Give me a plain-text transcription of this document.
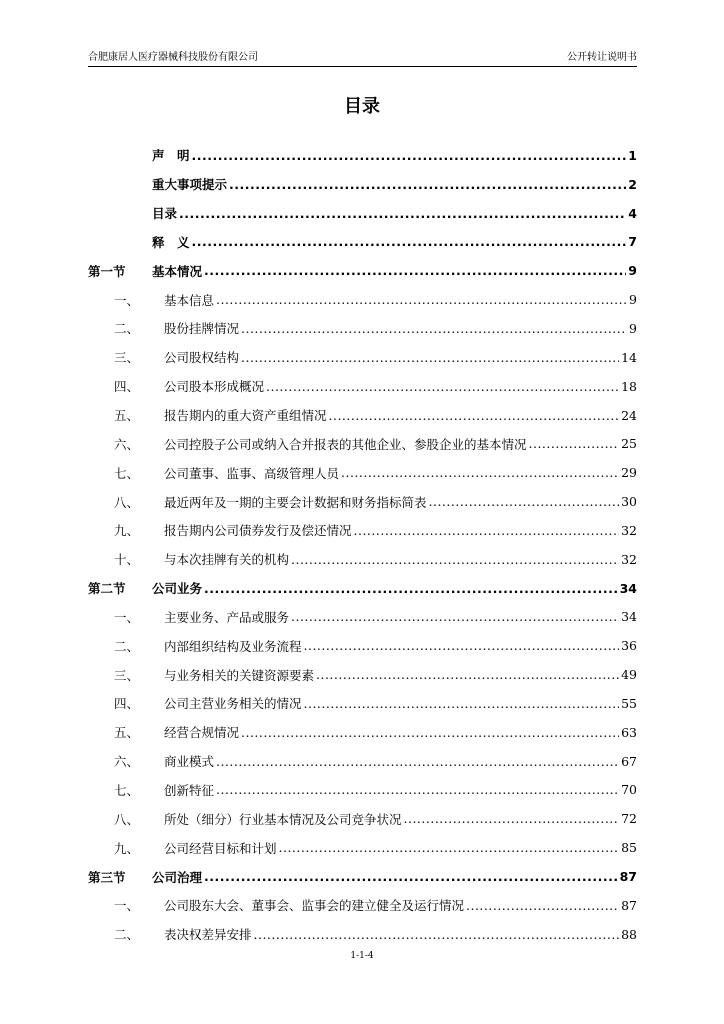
合肥康居人医疗器械科技股份有限公司	公开转让说明书
目录
声　明 .....	1
重大事项提示 .....	2
目录 .....	4
释　义 .....	7
第一节	基本情况 .....	9
一、	基本信息 .....	9
二、	股份挂牌情况 .....	9
三、	公司股权结构 .....	14
四、	公司股本形成概况 .....	18
五、	报告期内的重大资产重组情况 .....	24
六、	公司控股子公司或纳入合并报表的其他企业、参股企业的基本情况 .....	25
七、	公司董事、监事、高级管理人员 .....	29
八、	最近两年及一期的主要会计数据和财务指标简表 .....	30
九、	报告期内公司债券发行及偿还情况 .....	32
十、	与本次挂牌有关的机构 .....	32
第二节	公司业务 .....	34
一、	主要业务、产品或服务 .....	34
二、	内部组织结构及业务流程 .....	36
三、	与业务相关的关键资源要素 .....	49
四、	公司主营业务相关的情况 .....	55
五、	经营合规情况 .....	63
六、	商业模式 .....	67
七、	创新特征 .....	70
八、	所处（细分）行业基本情况及公司竞争状况 .....	72
九、	公司经营目标和计划 .....	85
第三节	公司治理 .....	87
一、	公司股东大会、董事会、监事会的建立健全及运行情况 .....	87
二、	表决权差异安排 .....	88
1-1-4
